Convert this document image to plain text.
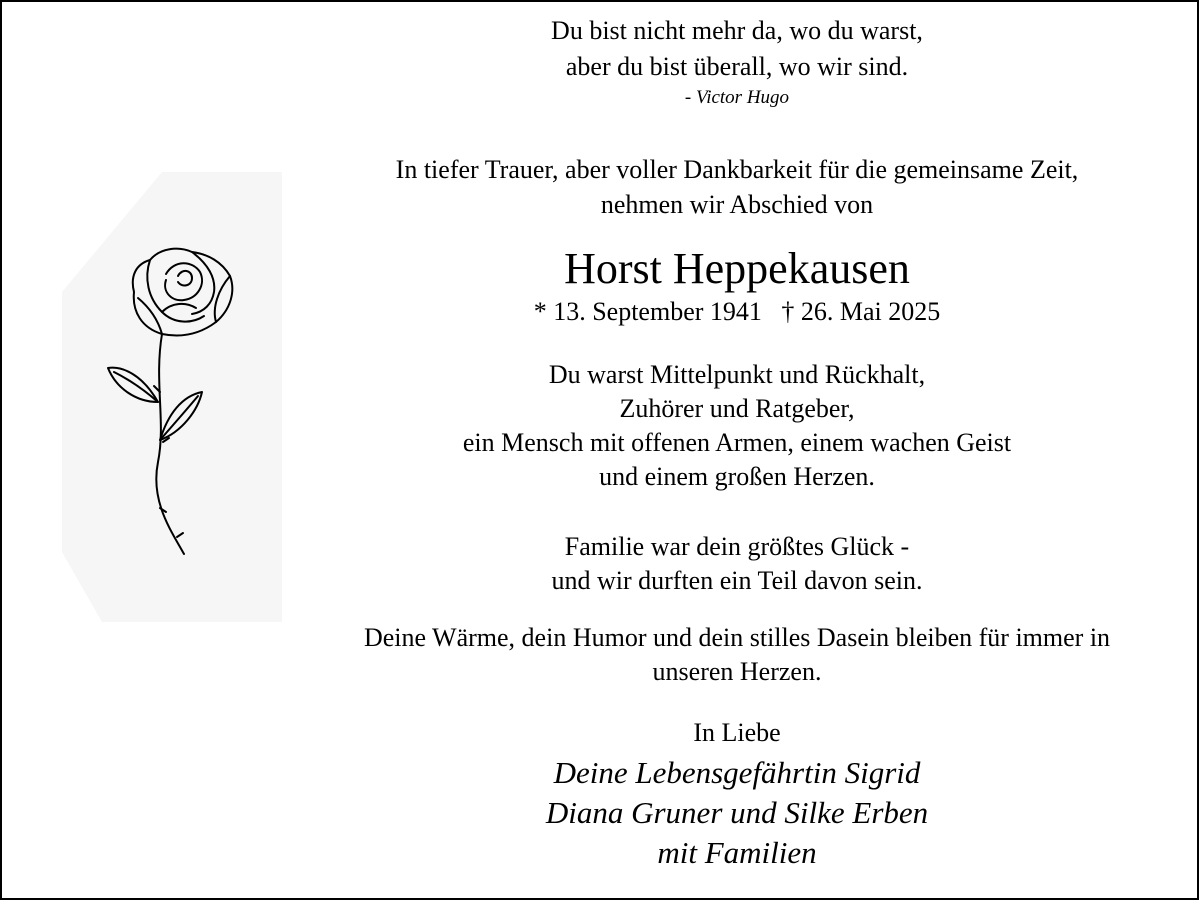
Du bist nicht mehr da, wo du warst,
aber du bist überall, wo wir sind.
- Victor Hugo
In tiefer Trauer, aber voller Dankbarkeit für die gemeinsame Zeit,
nehmen wir Abschied von
Horst Heppekausen
* 13. September 1941   † 26. Mai 2025
Du warst Mittelpunkt und Rückhalt,
Zuhörer und Ratgeber,
ein Mensch mit offenen Armen, einem wachen Geist
und einem großen Herzen.
Familie war dein größtes Glück -
und wir durften ein Teil davon sein.
Deine Wärme, dein Humor und dein stilles Dasein bleiben für immer in
unseren Herzen.
In Liebe
Deine Lebensgefährtin Sigrid
Diana Gruner und Silke Erben
mit Familien
